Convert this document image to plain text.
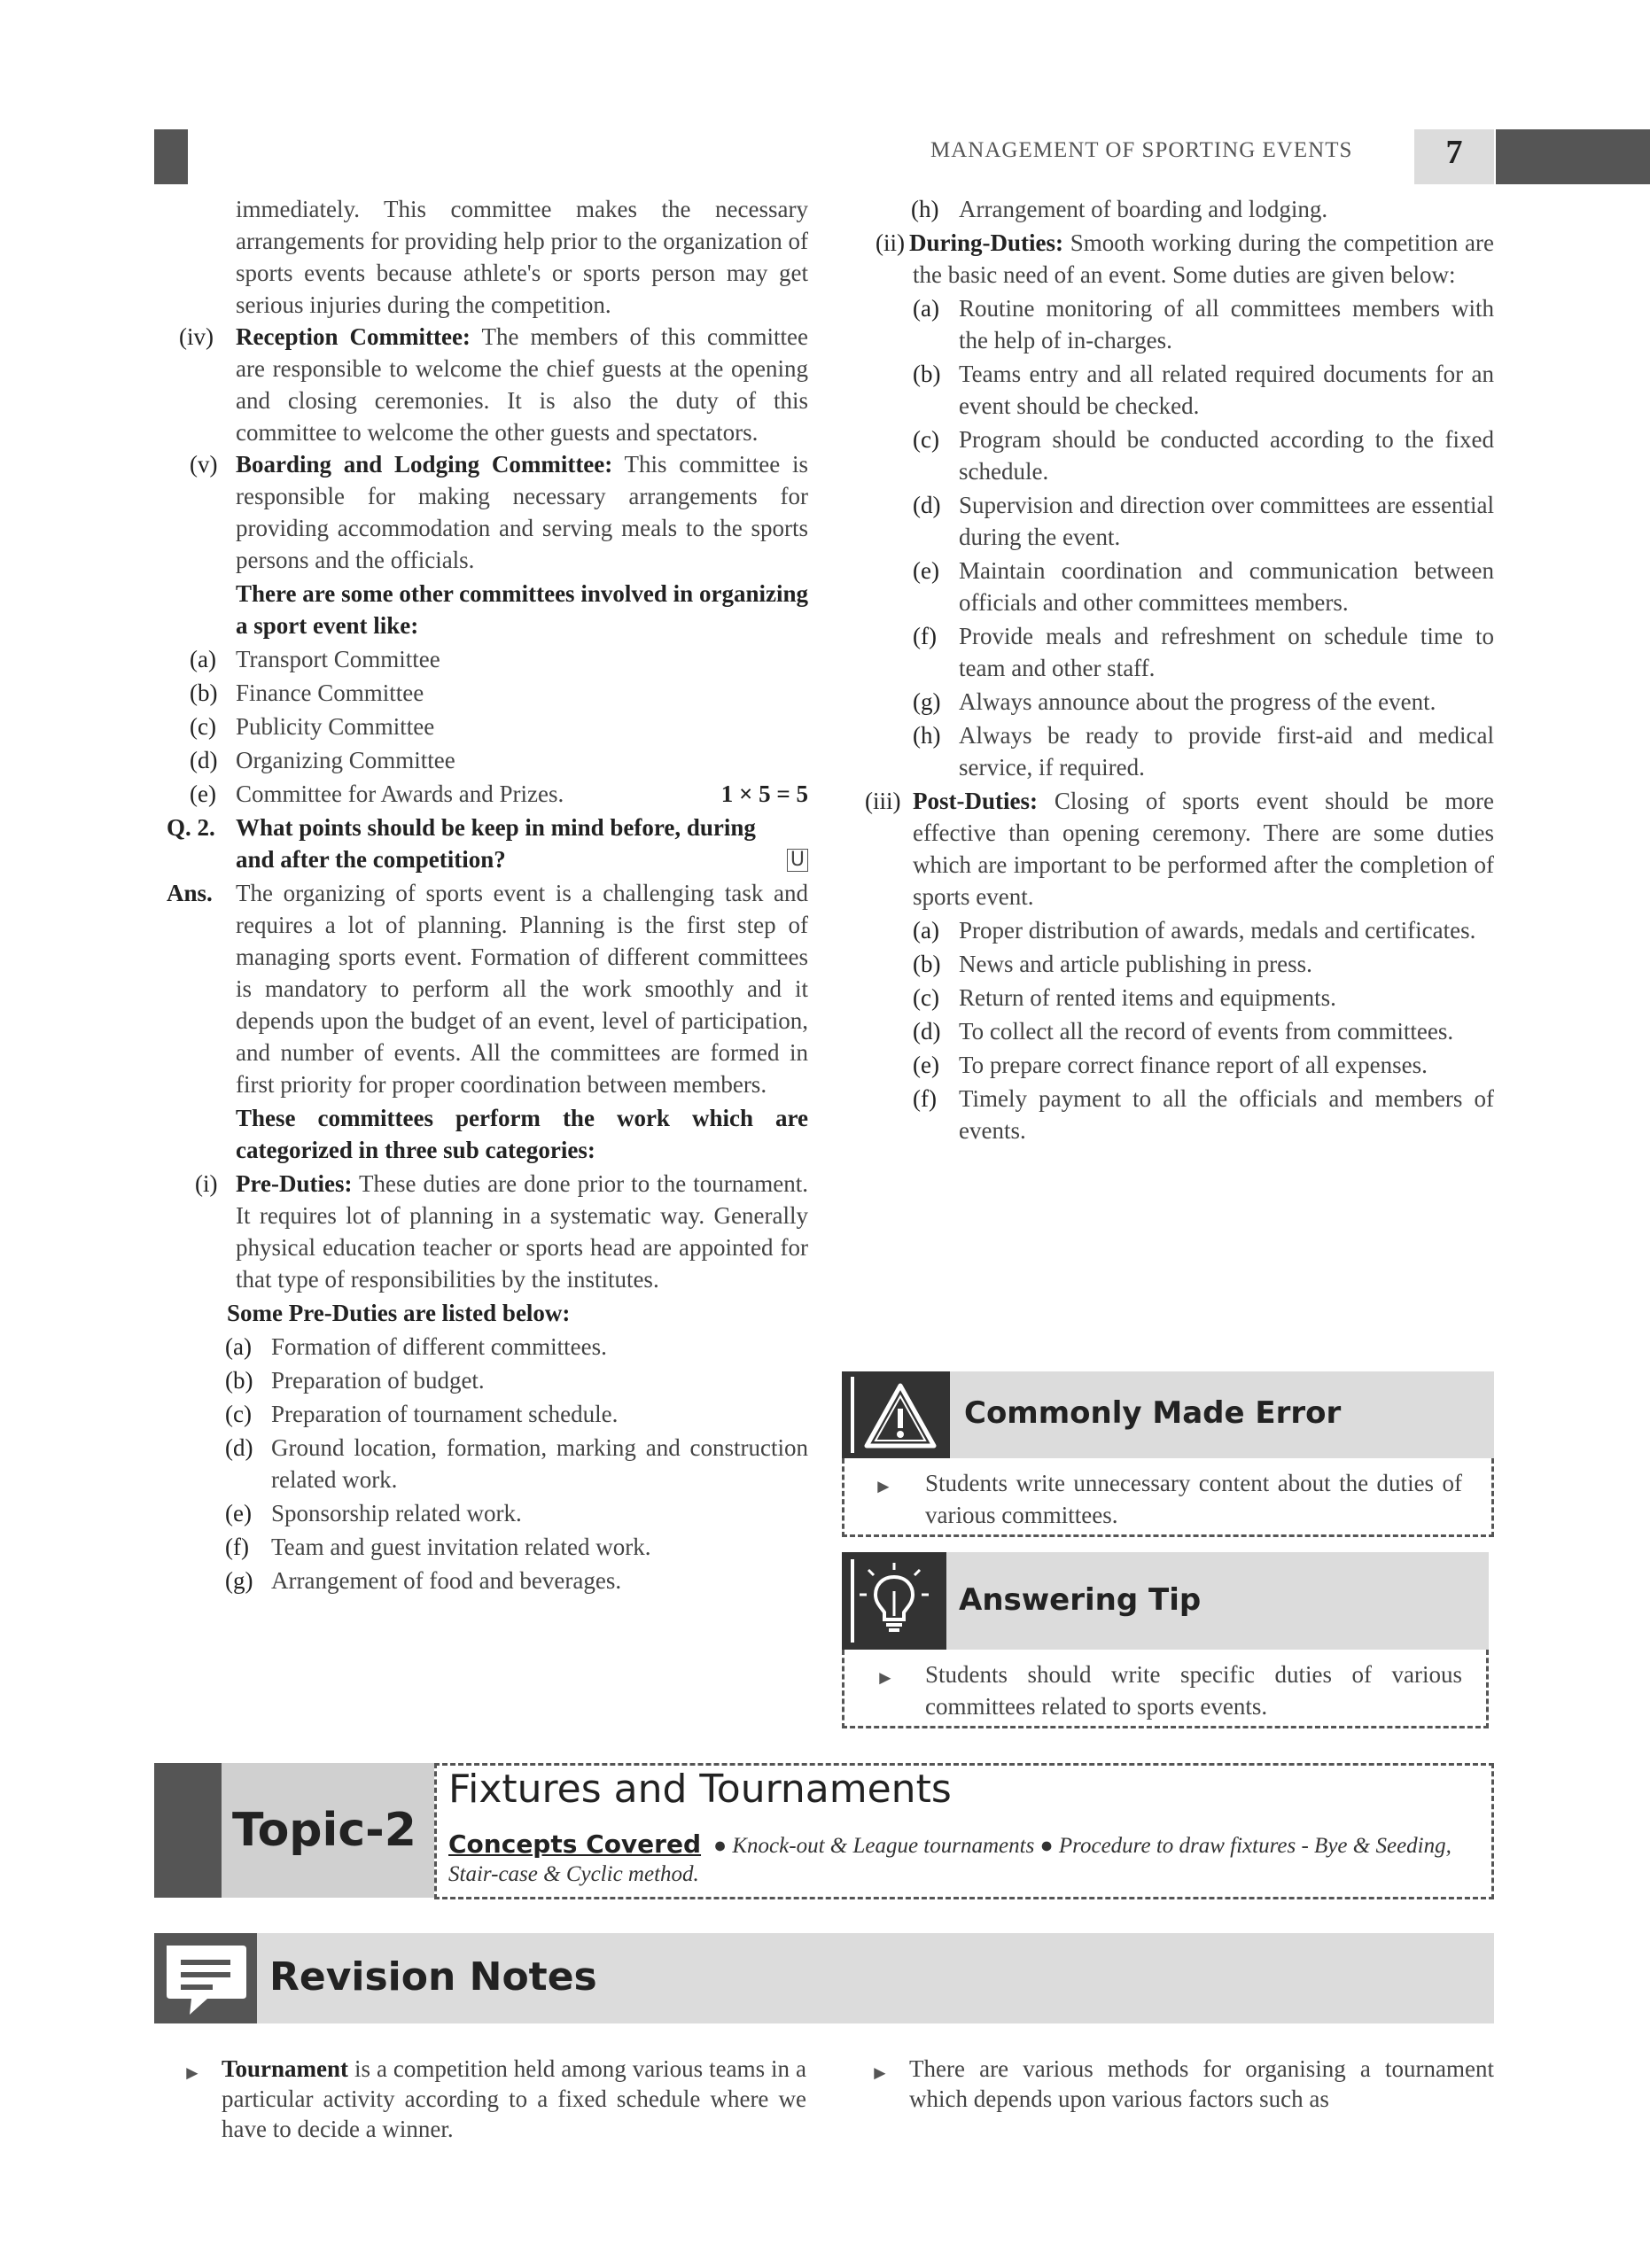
MANAGEMENT OF SPORTING EVENTS	7
immediately. This committee makes the necessary arrangements for providing help prior to the organization of sports events because athlete's or sports person may get serious injuries during the competition.
(iv) Reception Committee: The members of this committee are responsible to welcome the chief guests at the opening and closing ceremonies. It is also the duty of this committee to welcome the other guests and spectators.
(v) Boarding and Lodging Committee: This committee is responsible for making necessary arrangements for providing accommodation and serving meals to the sports persons and the officials.
There are some other committees involved in organizing a sport event like:
(a) Transport Committee
(b) Finance Committee
(c) Publicity Committee
(d) Organizing Committee
(e) Committee for Awards and Prizes.	1 × 5 = 5
Q. 2. What points should be keep in mind before, during and after the competition?	U
Ans. The organizing of sports event is a challenging task and requires a lot of planning. Planning is the first step of managing sports event. Formation of different committees is mandatory to perform all the work smoothly and it depends upon the budget of an event, level of participation, and number of events. All the committees are formed in first priority for proper coordination between members.
These committees perform the work which are categorized in three sub categories:
(i) Pre-Duties: These duties are done prior to the tournament. It requires lot of planning in a systematic way. Generally physical education teacher or sports head are appointed for that type of responsibilities by the institutes.
Some Pre-Duties are listed below:
(a) Formation of different committees.
(b) Preparation of budget.
(c) Preparation of tournament schedule.
(d) Ground location, formation, marking and construction related work.
(e) Sponsorship related work.
(f) Team and guest invitation related work.
(g) Arrangement of food and beverages.
(h) Arrangement of boarding and lodging.
(ii) During-Duties: Smooth working during the competition are the basic need of an event. Some duties are given below:
(a) Routine monitoring of all committees members with the help of in-charges.
(b) Teams entry and all related required documents for an event should be checked.
(c) Program should be conducted according to the fixed schedule.
(d) Supervision and direction over committees are essential during the event.
(e) Maintain coordination and communication between officials and other committees members.
(f) Provide meals and refreshment on schedule time to team and other staff.
(g) Always announce about the progress of the event.
(h) Always be ready to provide first-aid and medical service, if required.
(iii) Post-Duties: Closing of sports event should be more effective than opening ceremony. There are some duties which are important to be performed after the completion of sports event.
(a) Proper distribution of awards, medals and certificates.
(b) News and article publishing in press.
(c) Return of rented items and equipments.
(d) To collect all the record of events from committees.
(e) To prepare correct finance report of all expenses.
(f) Timely payment to all the officials and members of events.
Commonly Made Error
► Students write unnecessary content about the duties of various committees.
Answering Tip
► Students should write specific duties of various committees related to sports events.
Topic-2
Fixtures and Tournaments
Concepts Covered ● Knock-out & League tournaments ● Procedure to draw fixtures - Bye & Seeding, Stair-case & Cyclic method.
Revision Notes
► Tournament is a competition held among various teams in a particular activity according to a fixed schedule where we have to decide a winner.
► There are various methods for organising a tournament which depends upon various factors such as
